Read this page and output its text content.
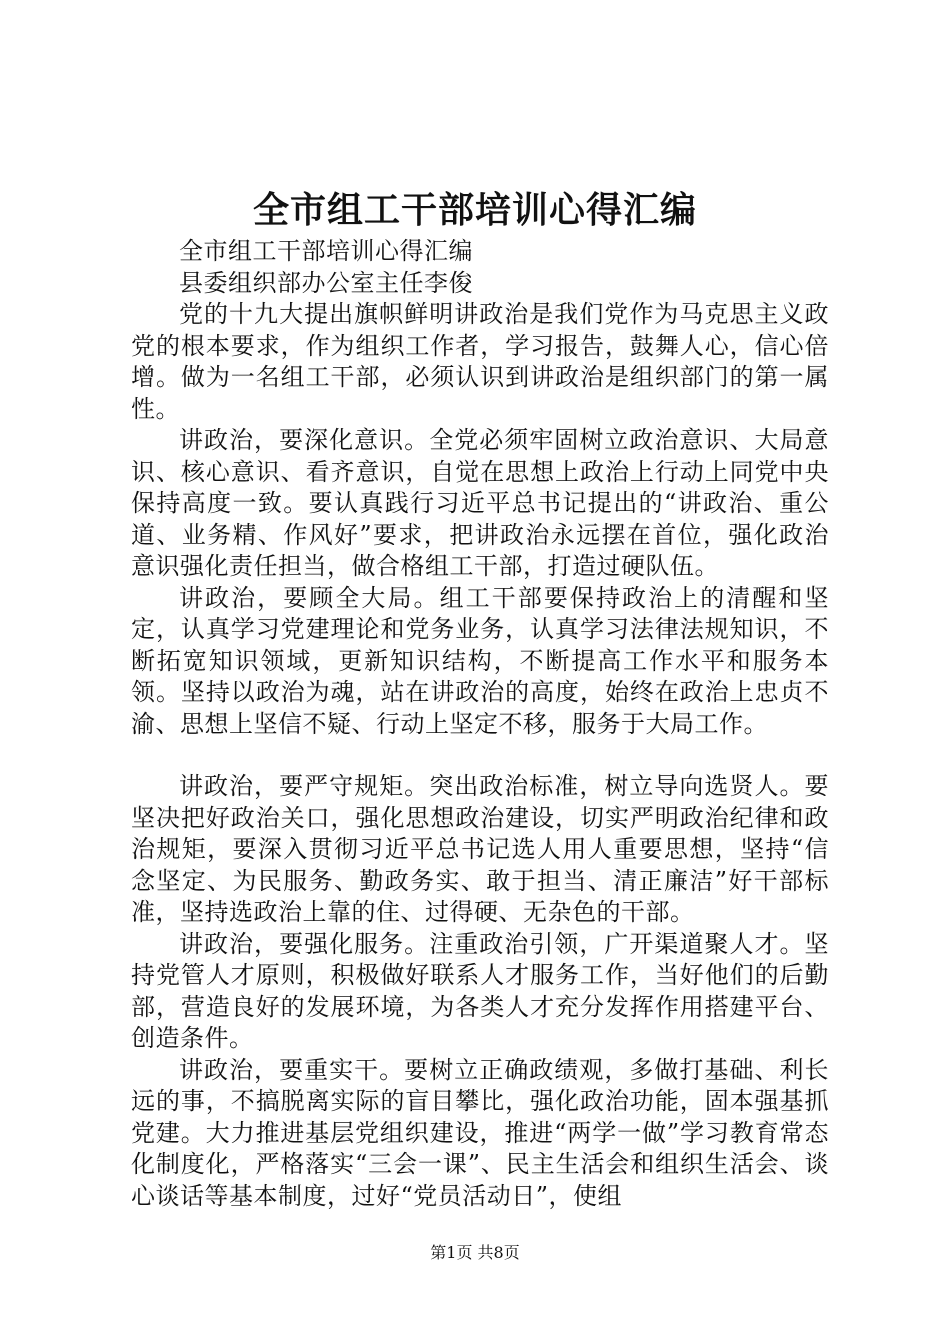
全市组工干部培训心得汇编

全市组工干部培训心得汇编

县委组织部办公室主任李俊

党的十九大提出旗帜鲜明讲政治是我们党作为马克思主义政党的根本要求，作为组织工作者，学习报告，鼓舞人心，信心倍增。做为一名组工干部，必须认识到讲政治是组织部门的第一属性。

讲政治，要深化意识。全党必须牢固树立政治意识、大局意识、核心意识、看齐意识，自觉在思想上政治上行动上同党中央保持高度一致。要认真践行习近平总书记提出的“讲政治、重公道、业务精、作风好”要求，把讲政治永远摆在首位，强化政治意识强化责任担当，做合格组工干部，打造过硬队伍。

讲政治，要顾全大局。组工干部要保持政治上的清醒和坚定，认真学习党建理论和党务业务，认真学习法律法规知识，不断拓宽知识领域，更新知识结构，不断提高工作水平和服务本领。坚持以政治为魂，站在讲政治的高度，始终在政治上忠贞不渝、思想上坚信不疑、行动上坚定不移，服务于大局工作。

讲政治，要严守规矩。突出政治标准，树立导向选贤人。要坚决把好政治关口，强化思想政治建设，切实严明政治纪律和政治规矩，要深入贯彻习近平总书记选人用人重要思想，坚持“信念坚定、为民服务、勤政务实、敢于担当、清正廉洁”好干部标准，坚持选政治上靠的住、过得硬、无杂色的干部。

讲政治，要强化服务。注重政治引领，广开渠道聚人才。坚持党管人才原则，积极做好联系人才服务工作，当好他们的后勤部，营造良好的发展环境，为各类人才充分发挥作用搭建平台、创造条件。

讲政治，要重实干。要树立正确政绩观，多做打基础、利长远的事，不搞脱离实际的盲目攀比，强化政治功能，固本强基抓党建。大力推进基层党组织建设，推进“两学一做”学习教育常态化制度化，严格落实“三会一课”、民主生活会和组织生活会、谈心谈话等基本制度，过好“党员活动日”，使组

第1页 共8页
